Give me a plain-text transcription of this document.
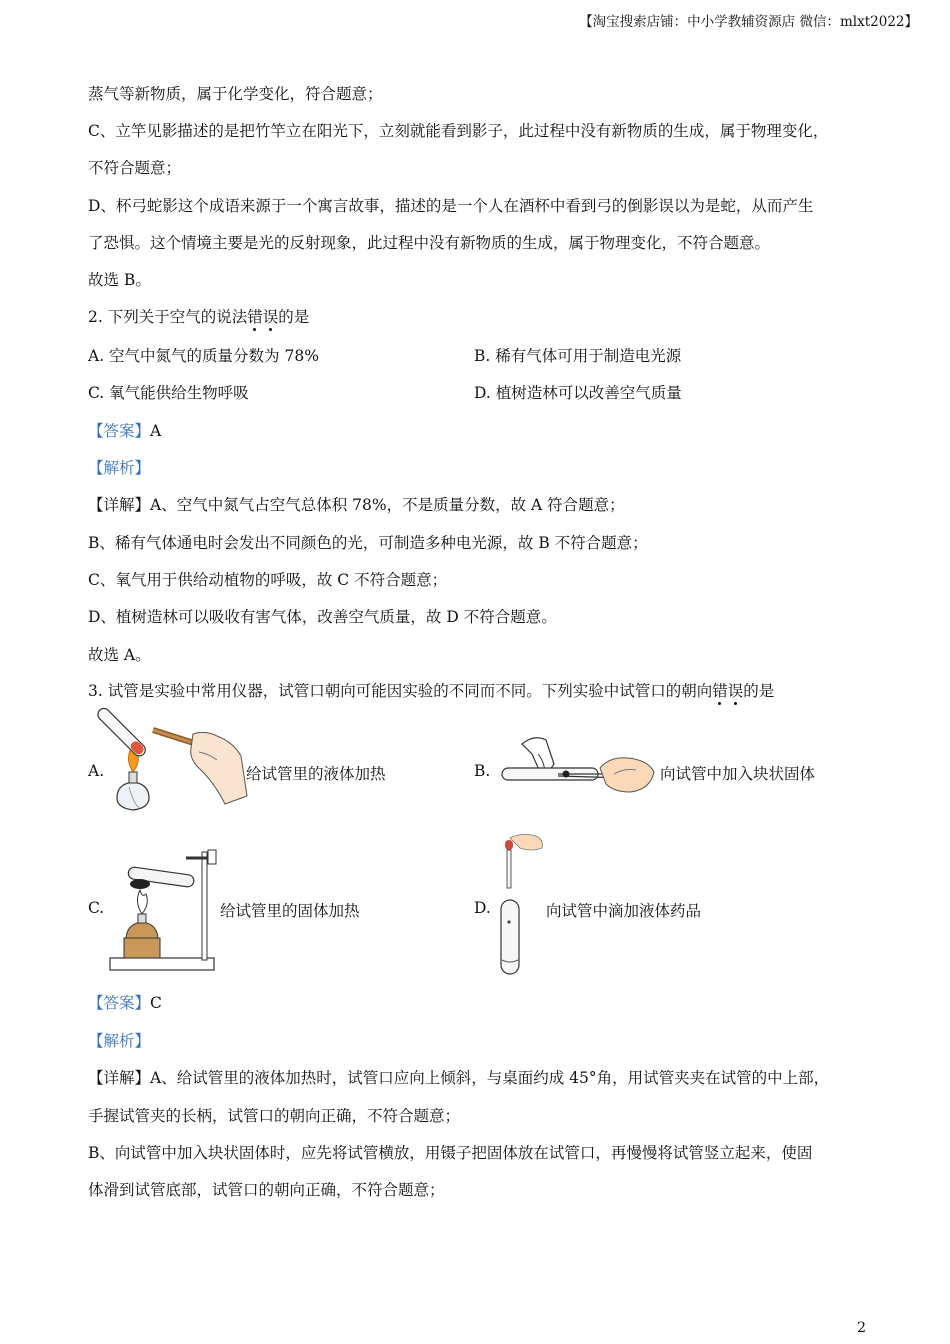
【淘宝搜索店铺：中小学教辅资源店 微信：mlxt2022】
蒸气等新物质，属于化学变化，符合题意；
C、立竿见影描述的是把竹竿立在阳光下，立刻就能看到影子，此过程中没有新物质的生成，属于物理变化，
不符合题意；
D、杯弓蛇影这个成语来源于一个寓言故事，描述的是一个人在酒杯中看到弓的倒影误以为是蛇，从而产生
了恐惧。这个情境主要是光的反射现象，此过程中没有新物质的生成，属于物理变化，不符合题意。
故选 B。
2. 下列关于空气的说法错误的是
A. 空气中氮气的质量分数为 78%	B. 稀有气体可用于制造电光源
C. 氧气能供给生物呼吸	D. 植树造林可以改善空气质量
【答案】A
【解析】
【详解】A、空气中氮气占空气总体积 78%，不是质量分数，故 A 符合题意；
B、稀有气体通电时会发出不同颜色的光，可制造多种电光源，故 B 不符合题意；
C、氧气用于供给动植物的呼吸，故 C 不符合题意；
D、植树造林可以吸收有害气体，改善空气质量，故 D 不符合题意。
故选 A。
3. 试管是实验中常用仪器，试管口朝向可能因实验的不同而不同。下列实验中试管口的朝向错误的是
A.	给试管里的液体加热	B.	向试管中加入块状固体
C.	给试管里的固体加热	D.	向试管中滴加液体药品
【答案】C
【解析】
【详解】A、给试管里的液体加热时，试管口应向上倾斜，与桌面约成 45°角，用试管夹夹在试管的中上部，
手握试管夹的长柄，试管口的朝向正确，不符合题意；
B、向试管中加入块状固体时，应先将试管横放，用镊子把固体放在试管口，再慢慢将试管竖立起来，使固
体滑到试管底部，试管口的朝向正确，不符合题意；
2
